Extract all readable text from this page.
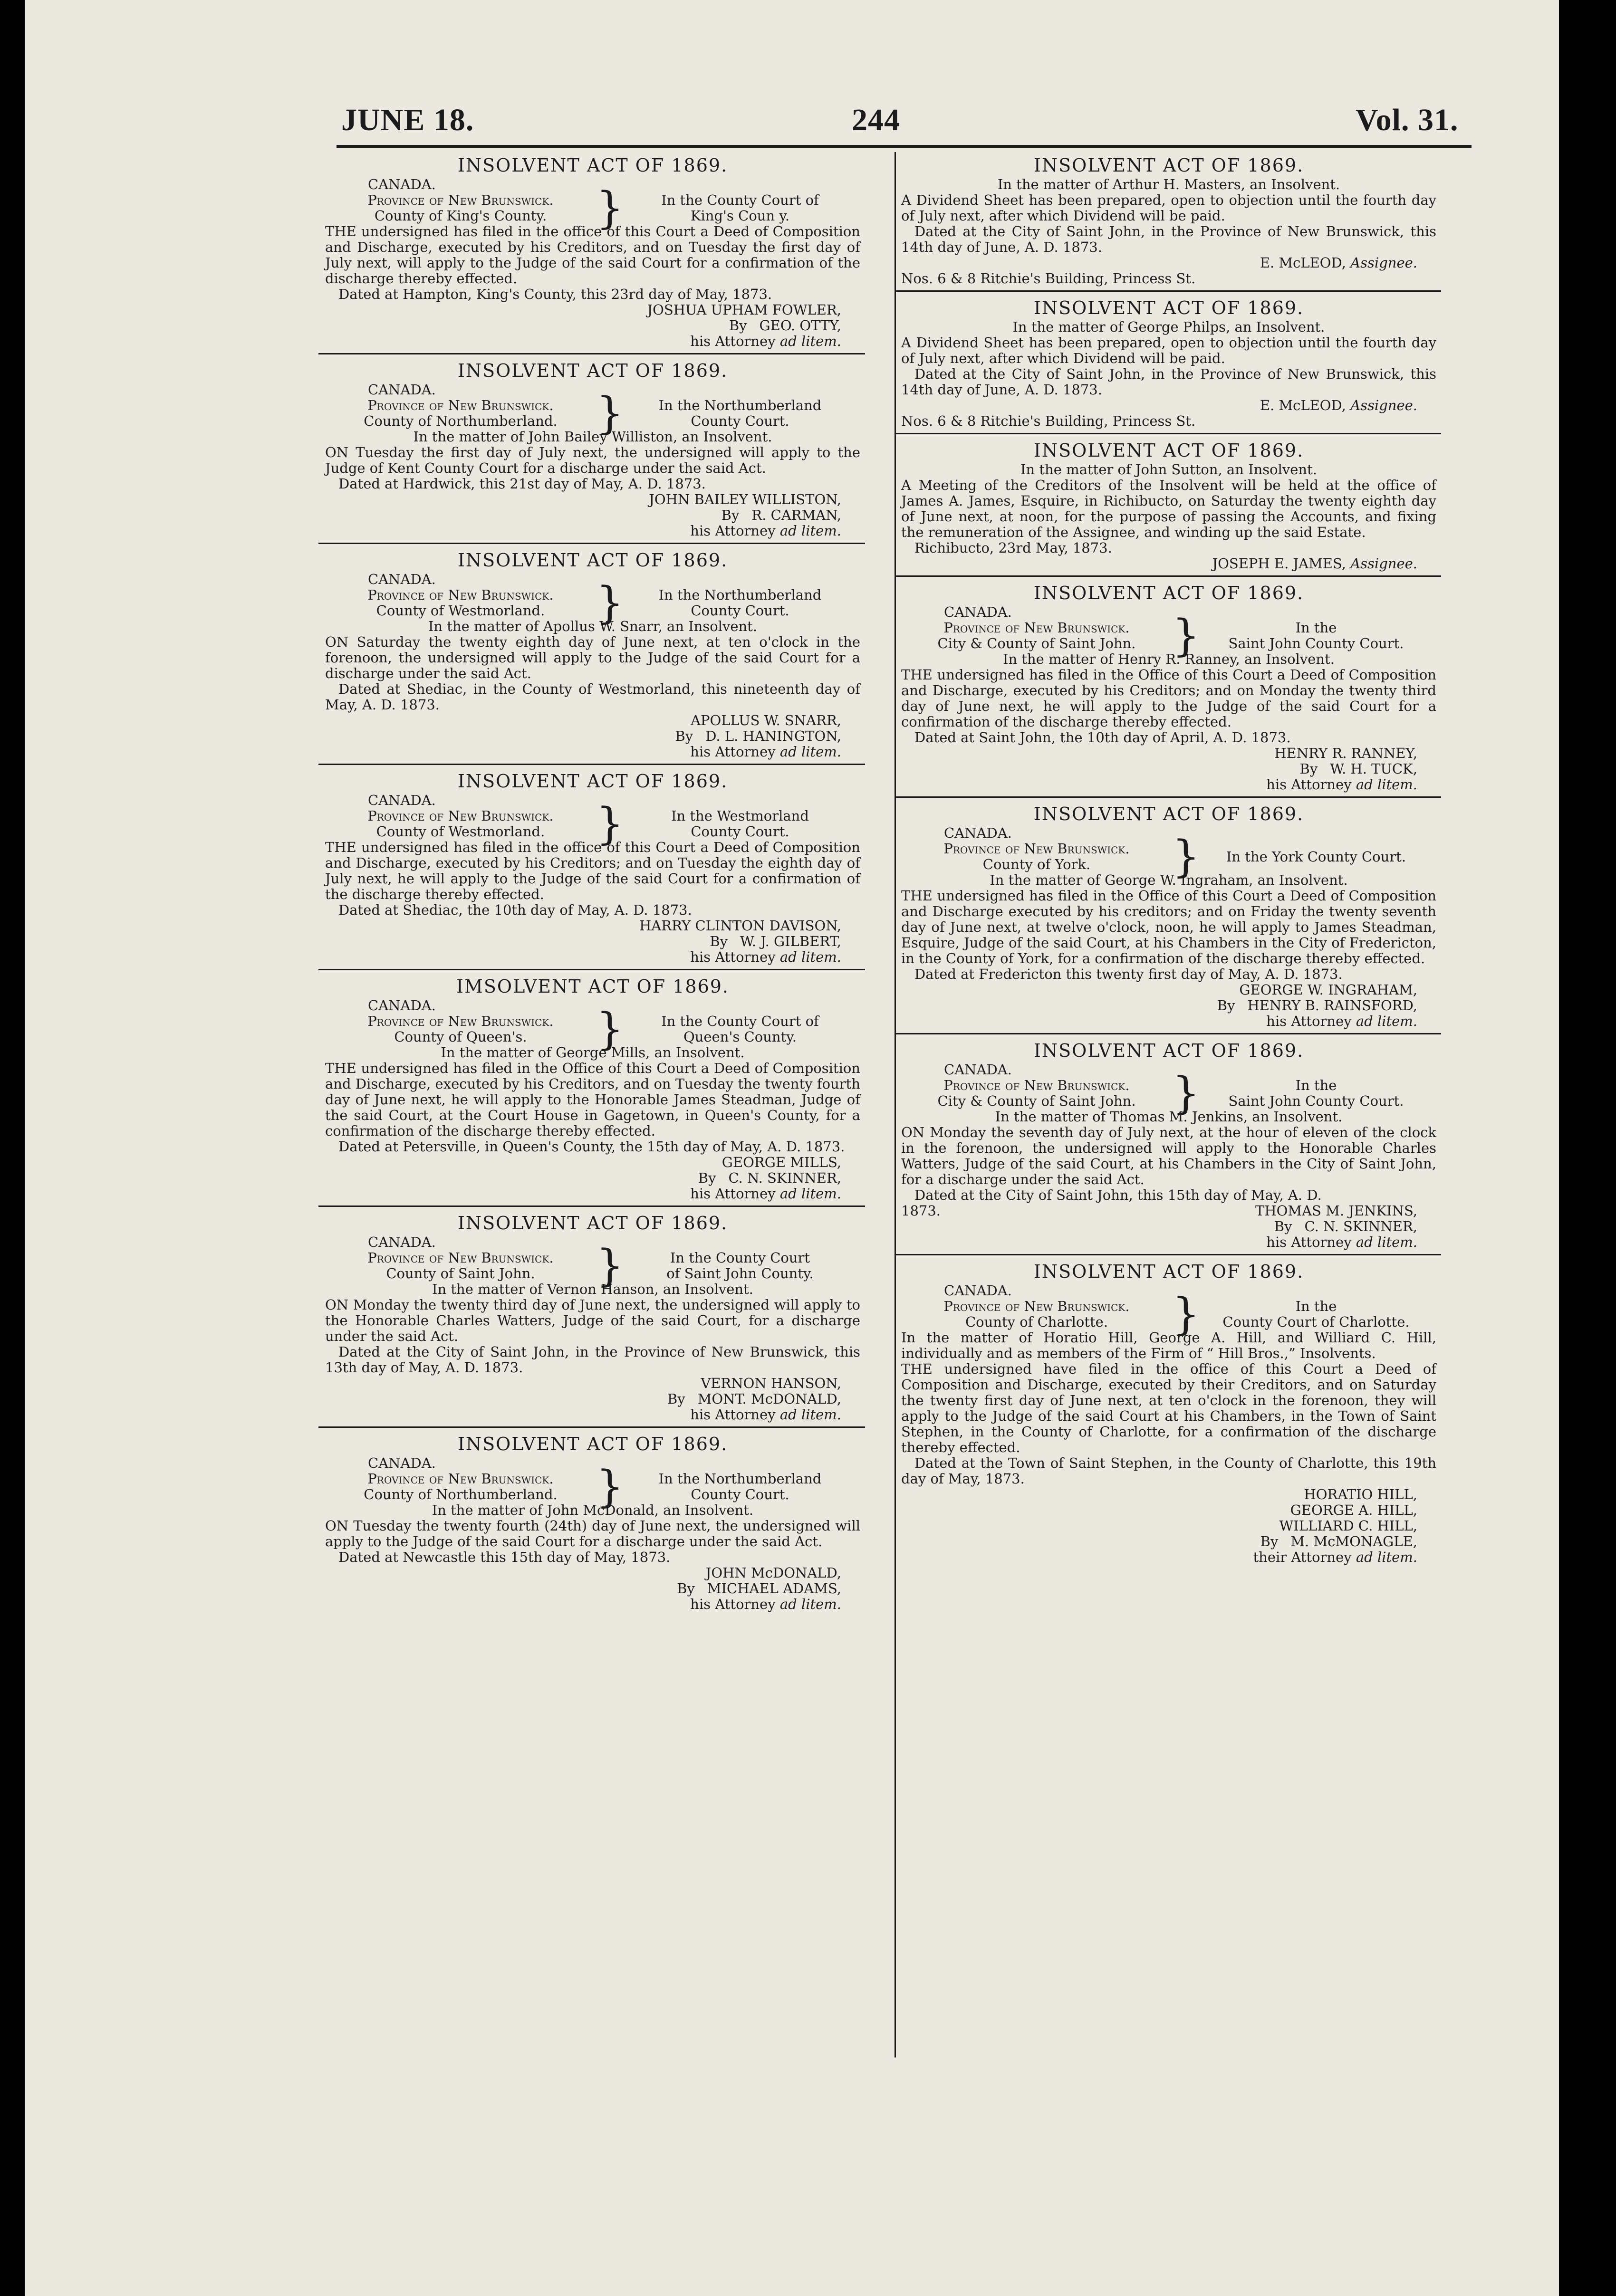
JUNE 18.	244	Vol. 31.
INSOLVENT ACT OF 1869.
CANADA.
Province of New Brunswick.
County of King's County.	}	In the County Court of
King's Coun y.
THE undersigned has filed in the office of this Court a Deed of Composition and Discharge, executed by his Creditors, and on Tuesday the first day of July next, will apply to the Judge of the said Court for a confirmation of the discharge thereby effected.
Dated at Hampton, King's County, this 23rd day of May, 1873.
JOSHUA UPHAM FOWLER,
By GEO. OTTY,
his Attorney ad litem.
INSOLVENT ACT OF 1869.
CANADA.
Province of New Brunswick.
County of Northumberland. }	In the Northumberland
County Court.
In the matter of John Bailey Williston, an Insolvent.
ON Tuesday the first day of July next, the undersigned will apply to the Judge of Kent County Court for a discharge under the said Act.
Dated at Hardwick, this 21st day of May, A. D. 1873.
JOHN BAILEY WILLISTON,
By R. CARMAN,
his Attorney ad litem.
INSOLVENT ACT OF 1869.
CANADA.
Province of New Brunswick.
County of Westmorland.	}	In the Northumberland
County Court.
In the matter of Apollus W. Snarr, an Insolvent.
ON Saturday the twenty eighth day of June next, at ten o'clock in the forenoon, the undersigned will apply to the Judge of the said Court for a discharge under the said Act.
Dated at Shediac, in the County of Westmorland, this nineteenth day of May, A. D. 1873.
APOLLUS W. SNARR,
By D. L. HANINGTON,
his Attorney ad litem.
INSOLVENT ACT OF 1869.
CANADA.
Province of New Brunswick.
County of Westmorland.	}	In the Westmorland
County Court.
THE undersigned has filed in the office of this Court a Deed of Composition and Discharge, executed by his Creditors; and on Tuesday the eighth day of July next, he will apply to the Judge of the said Court for a confirmation of the discharge thereby effected.
Dated at Shediac, the 10th day of May, A. D. 1873.
HARRY CLINTON DAVISON,
By W. J. GILBERT,
his Attorney ad litem.
IMSOLVENT ACT OF 1869.
CANADA.
Province of New Brunswick.
County of Queen's.	}	In the County Court of
Queen's County.
In the matter of George Mills, an Insolvent.
THE undersigned has filed in the Office of this Court a Deed of Composition and Discharge, executed by his Creditors, and on Tuesday the twenty fourth day of June next, he will apply to the Honorable James Steadman, Judge of the said Court, at the Court House in Gagetown, in Queen's County, for a confirmation of the discharge thereby effected.
Dated at Petersville, in Queen's County, the 15th day of May, A. D. 1873.
GEORGE MILLS,
By C. N. SKINNER,
his Attorney ad litem.
INSOLVENT ACT OF 1869.
CANADA.
Province of New Brunswick.
County of Saint John.	}	In the County Court
of Saint John County.
In the matter of Vernon Hanson, an Insolvent.
ON Monday the twenty third day of June next, the undersigned will apply to the Honorable Charles Watters, Judge of the said Court, for a discharge under the said Act.
Dated at the City of Saint John, in the Province of New Brunswick, this 13th day of May, A. D. 1873.
VERNON HANSON,
By MONT. McDONALD,
his Attorney ad litem.
INSOLVENT ACT OF 1869.
CANADA.
Province of New Brunswick.
County of Northumberland. }	In the Northumberland
County Court.
In the matter of John McDonald, an Insolvent.
ON Tuesday the twenty fourth (24th) day of June next, the undersigned will apply to the Judge of the said Court for a discharge under the said Act.
Dated at Newcastle this 15th day of May, 1873.
JOHN McDONALD,
By MICHAEL ADAMS,
his Attorney ad litem.
INSOLVENT ACT OF 1869.
In the matter of Arthur H. Masters, an Insolvent.
A Dividend Sheet has been prepared, open to objection until the fourth day of July next, after which Dividend will be paid.
Dated at the City of Saint John, in the Province of New Brunswick, this 14th day of June, A. D. 1873.
E. McLEOD, Assignee.
Nos. 6 & 8 Ritchie's Building, Princess St.
INSOLVENT ACT OF 1869.
In the matter of George Philps, an Insolvent.
A Dividend Sheet has been prepared, open to objection until the fourth day of July next, after which Dividend will be paid.
Dated at the City of Saint John, in the Province of New Brunswick, this 14th day of June, A. D. 1873.
E. McLEOD, Assignee.
Nos. 6 & 8 Ritchie's Building, Princess St.
INSOLVENT ACT OF 1869.
In the matter of John Sutton, an Insolvent.
A Meeting of the Creditors of the Insolvent will be held at the office of James A. James, Esquire, in Richibucto, on Saturday the twenty eighth day of June next, at noon, for the purpose of passing the Accounts, and fixing the remuneration of the Assignee, and winding up the said Estate.
Richibucto, 23rd May, 1873.
JOSEPH E. JAMES, Assignee.
INSOLVENT ACT OF 1869.
CANADA.
Province of New Brunswick.
City & County of Saint John. }	In the
Saint John County Court.
In the matter of Henry R. Ranney, an Insolvent.
THE undersigned has filed in the Office of this Court a Deed of Composition and Discharge, executed by his Creditors; and on Monday the twenty third day of June next, he will apply to the Judge of the said Court for a confirmation of the discharge thereby effected.
Dated at Saint John, the 10th day of April, A. D. 1873.
HENRY R. RANNEY,
By W. H. TUCK,
his Attorney ad litem.
INSOLVENT ACT OF 1869.
CANADA.
Province of New Brunswick.
County of York.	}	In the York County Court.
In the matter of George W. Ingraham, an Insolvent.
THE undersigned has filed in the Office of this Court a Deed of Composition and Discharge executed by his creditors; and on Friday the twenty seventh day of June next, at twelve o'clock, noon, he will apply to James Steadman, Esquire, Judge of the said Court, at his Chambers in the City of Fredericton, in the County of York, for a confirmation of the discharge thereby effected.
Dated at Fredericton this twenty first day of May, A. D. 1873.
GEORGE W. INGRAHAM,
By HENRY B. RAINSFORD,
his Attorney ad litem.
INSOLVENT ACT OF 1869.
CANADA.
Province of New Brunswick.
City & County of Saint John. }	In the
Saint John County Court.
In the matter of Thomas M. Jenkins, an Insolvent.
ON Monday the seventh day of July next, at the hour of eleven of the clock in the forenoon, the undersigned will apply to the Honorable Charles Watters, Judge of the said Court, at his Chambers in the City of Saint John, for a discharge under the said Act.
Dated at the City of Saint John, this 15th day of May, A. D.
1873.	THOMAS M. JENKINS,
By C. N. SKINNER,
his Attorney ad litem.
INSOLVENT ACT OF 1869.
CANADA.
Province of New Brunswick.
County of Charlotte.	}	In the
County Court of Charlotte.
In the matter of Horatio Hill, George A. Hill, and Williard C. Hill, individually and as members of the Firm of “ Hill Bros.,” Insolvents.
THE undersigned have filed in the office of this Court a Deed of Composition and Discharge, executed by their Creditors, and on Saturday the twenty first day of June next, at ten o'clock in the forenoon, they will apply to the Judge of the said Court at his Chambers, in the Town of Saint Stephen, in the County of Charlotte, for a confirmation of the discharge thereby effected.
Dated at the Town of Saint Stephen, in the County of Charlotte, this 19th day of May, 1873.
HORATIO HILL,
GEORGE A. HILL,
WILLIARD C. HILL,
By M. McMONAGLE,
their Attorney ad litem.
